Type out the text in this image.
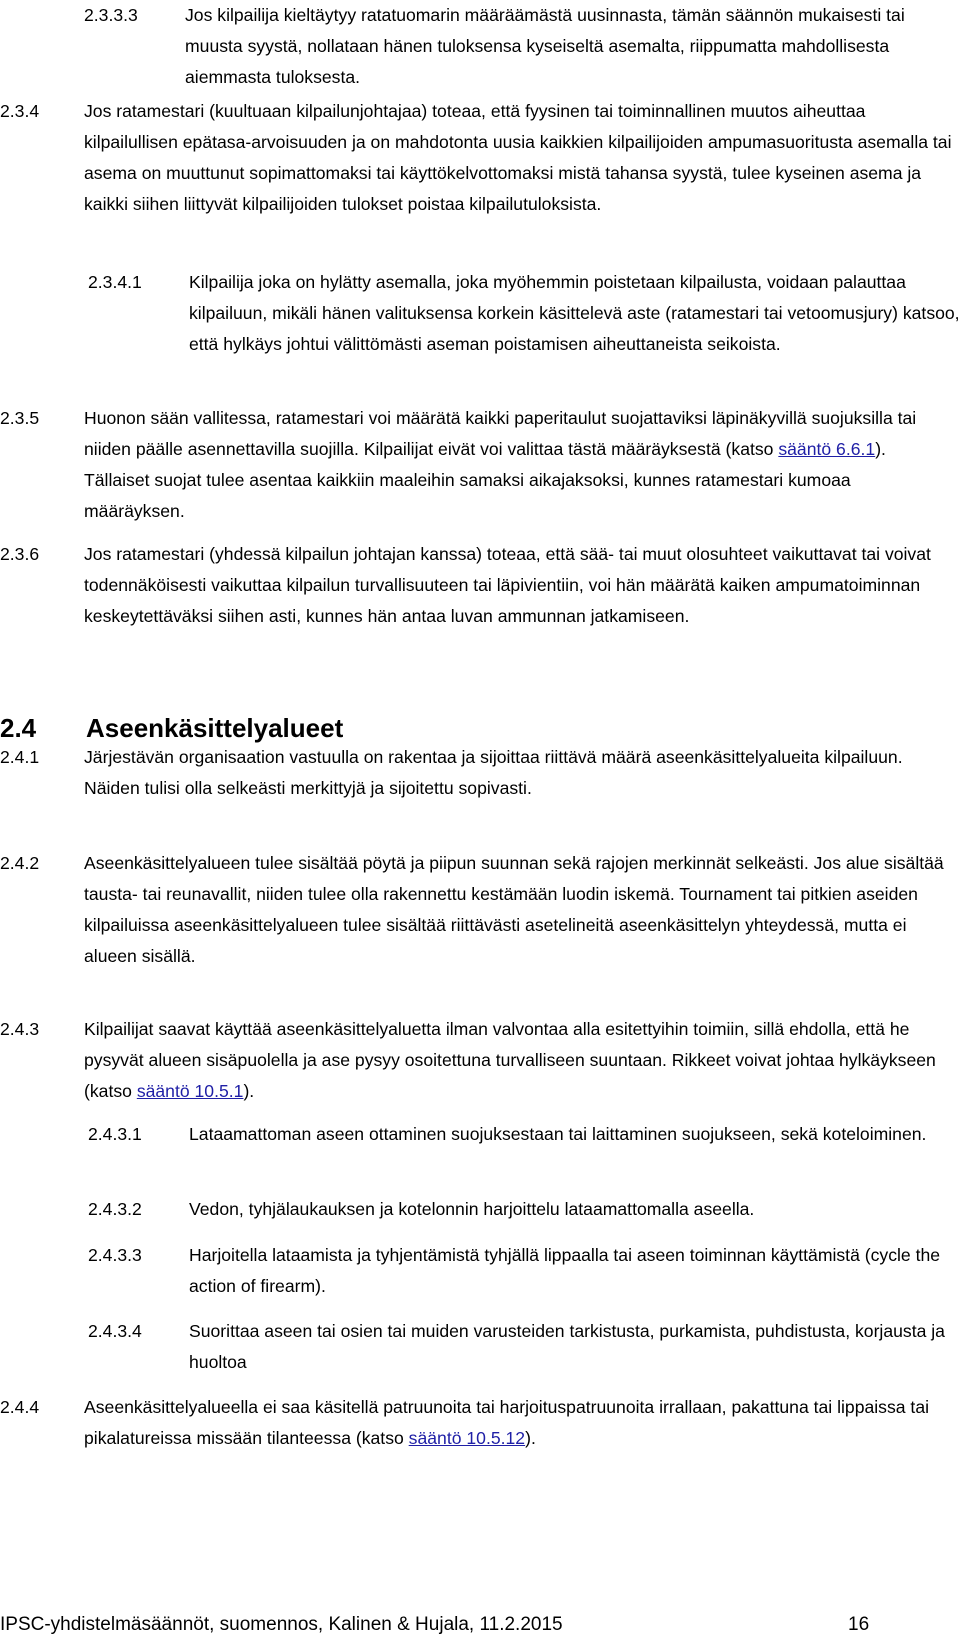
2.3.3.3	Jos kilpailija kieltäytyy ratatuomarin määräämästä uusinnasta, tämän säännön mukaisesti tai muusta syystä, nollataan hänen tuloksensa kyseiseltä asemalta, riippumatta mahdollisesta aiemmasta tuloksesta.
2.3.4	Jos ratamestari (kuultuaan kilpailunjohtajaa) toteaa, että fyysinen tai toiminnallinen muutos aiheuttaa kilpailullisen epätasa-arvoisuuden ja on mahdotonta uusia kaikkien kilpailijoiden ampumasuoritusta asemalla tai asema on muuttunut sopimattomaksi tai käyttökelvottomaksi mistä tahansa syystä, tulee kyseinen asema ja kaikki siihen liittyvät kilpailijoiden tulokset poistaa kilpailutuloksista.
2.3.4.1	Kilpailija joka on hylätty asemalla, joka myöhemmin poistetaan kilpailusta, voidaan palauttaa kilpailuun, mikäli hänen valituksensa korkein käsittelevä aste (ratamestari tai vetoomusjury) katsoo, että hylkäys johtui välittömästi aseman poistamisen aiheuttaneista seikoista.
2.3.5	Huonon sään vallitessa, ratamestari voi määrätä kaikki paperitaulut suojattaviksi läpinäkyvillä suojuksilla tai niiden päälle asennettavilla suojilla. Kilpailijat eivät voi valittaa tästä määräyksestä (katso sääntö 6.6.1). Tällaiset suojat tulee asentaa kaikkiin maaleihin samaksi aikajaksoksi, kunnes ratamestari kumoaa määräyksen.
2.3.6	Jos ratamestari (yhdessä kilpailun johtajan kanssa) toteaa, että sää- tai muut olosuhteet vaikuttavat tai voivat todennäköisesti vaikuttaa kilpailun turvallisuuteen tai läpivientiin, voi hän määrätä kaiken ampumatoiminnan keskeytettäväksi siihen asti, kunnes hän antaa luvan ammunnan jatkamiseen.
2.4 Aseenkäsittelyalueet
2.4.1	Järjestävän organisaation vastuulla on rakentaa ja sijoittaa riittävä määrä aseenkäsittelyalueita kilpailuun. Näiden tulisi olla selkeästi merkittyjä ja sijoitettu sopivasti.
2.4.2	Aseenkäsittelyalueen tulee sisältää pöytä ja piipun suunnan sekä rajojen merkinnät selkeästi. Jos alue sisältää tausta- tai reunavallit, niiden tulee olla rakennettu kestämään luodin iskemä. Tournament tai pitkien aseiden kilpailuissa aseenkäsittelyalueen tulee sisältää riittävästi asetelineitä aseenkäsittelyn yhteydessä, mutta ei alueen sisällä.
2.4.3	Kilpailijat saavat käyttää aseenkäsittelyaluetta ilman valvontaa alla esitettyihin toimiin, sillä ehdolla, että he pysyvät alueen sisäpuolella ja ase pysyy osoitettuna turvalliseen suuntaan. Rikkeet voivat johtaa hylkäykseen (katso sääntö 10.5.1).
2.4.3.1	Lataamattoman aseen ottaminen suojuksestaan tai laittaminen suojukseen, sekä koteloiminen.
2.4.3.2	Vedon, tyhjälaukauksen ja kotelonnin harjoittelu lataamattomalla aseella.
2.4.3.3	Harjoitella lataamista ja tyhjentämistä tyhjällä lippaalla tai aseen toiminnan käyttämistä (cycle the action of firearm).
2.4.3.4	Suorittaa aseen tai osien tai muiden varusteiden tarkistusta, purkamista, puhdistusta, korjausta ja huoltoa
2.4.4	Aseenkäsittelyalueella ei saa käsitellä patruunoita tai harjoituspatruunoita irrallaan, pakattuna tai lippaissa tai pikalatureissa missään tilanteessa (katso sääntö 10.5.12).
IPSC-yhdistelmäsäännöt, suomennos, Kalinen & Hujala, 11.2.2015	16
